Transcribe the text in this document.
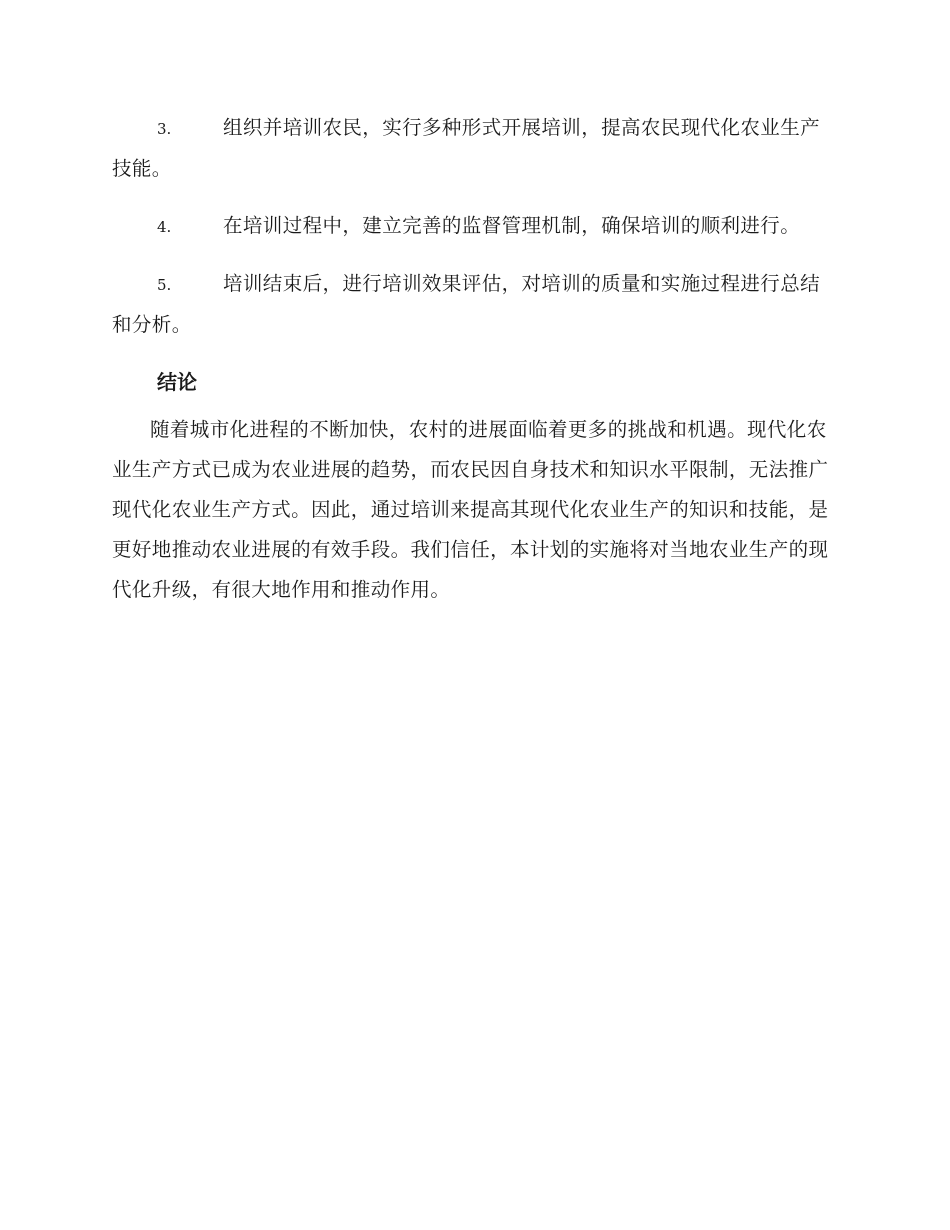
3.	组织并培训农民，实行多种形式开展培训，提高农民现代化农业生产技能。

4.	在培训过程中，建立完善的监督管理机制，确保培训的顺利进行。

5.	培训结束后，进行培训效果评估，对培训的质量和实施过程进行总结和分析。

结论

随着城市化进程的不断加快，农村的进展面临着更多的挑战和机遇。现代化农业生产方式已成为农业进展的趋势，而农民因自身技术和知识水平限制，无法推广现代化农业生产方式。因此，通过培训来提高其现代化农业生产的知识和技能，是更好地推动农业进展的有效手段。我们信任，本计划的实施将对当地农业生产的现代化升级，有很大地作用和推动作用。
